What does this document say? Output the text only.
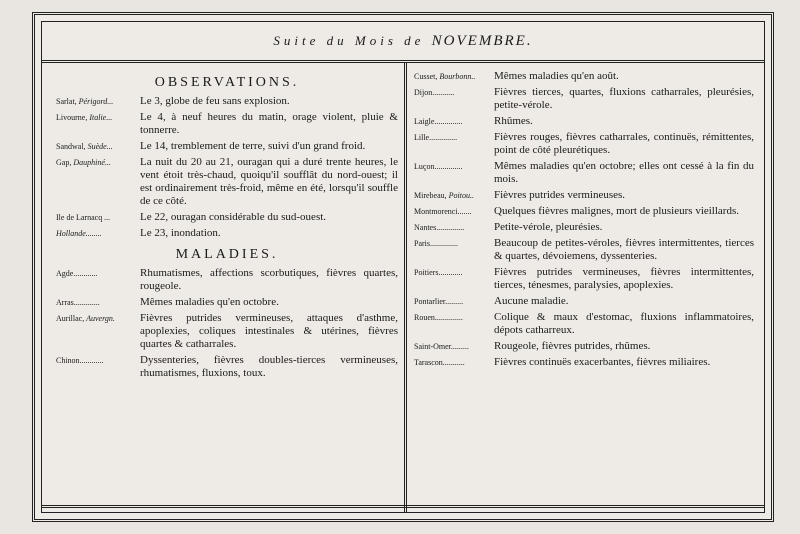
Suite du Mois de NOVEMBRE.
OBSERVATIONS.
Sarlat, Périgord...	Le 3, globe de feu sans explosion.
Livourne, Italie...	Le 4, à neuf heures du matin, orage violent, pluie & tonnerre.
Sandwal, Suède...	Le 14, tremblement de terre, suivi d'un grand froid.
Gap, Dauphiné...	La nuit du 20 au 21, ouragan qui a duré trente heures, le vent étoit très-chaud, quoiqu'il soufflât du nord-ouest; il est ordinairement très-froid, même en été, lorsqu'il souffle de ce côté.
Ile de Larnacq ...	Le 22, ouragan considérable du sud-ouest.
Hollande........	Le 23, inondation.
MALADIES.
Agde............	Rhumatismes, affections scorbutiques, fièvres quartes, rougeole.
Arras.............	Mêmes maladies qu'en octobre.
Aurillac, Auvergn.	Fièvres putrides vermineuses, attaques d'asthme, apoplexies, coliques intestinales & utérines, fièvres quartes & catharrales.
Chinon............	Dyssenteries, fièvres doubles-tierces vermineuses, rhumatismes, fluxions, toux.
Cusset, Bourbonn..	Mêmes maladies qu'en août.
Dijon...........	Fièvres tierces, quartes, fluxions catharrales, pleurésies, petite-vérole.
Laigle..............	Rhûmes.
Lille..............	Fièvres rouges, fièvres catharrales, continuës, rémittentes, point de côté pleurétiques.
Luçon..............	Mêmes maladies qu'en octobre; elles ont cessé à la fin du mois.
Mirebeau, Poitou..	Fièvres putrides vermineuses.
Montmorenci.......	Quelques fièvres malignes, mort de plusieurs vieillards.
Nantes..............	Petite-vérole, pleurésies.
Paris..............	Beaucoup de petites-véroles, fièvres intermittentes, tierces & quartes, dévoiemens, dyssenteries.
Poitiers............	Fièvres putrides vermineuses, fièvres intermittentes, tierces, ténesmes, paralysies, apoplexies.
Pontarlier.........	Aucune maladie.
Rouen..............	Colique & maux d'estomac, fluxions inflammatoires, dépots catharreux.
Saint-Omer.........	Rougeole, fièvres putrides, rhûmes.
Tarascon...........	Fièvres continuës exacerbantes, fièvres miliaires.
